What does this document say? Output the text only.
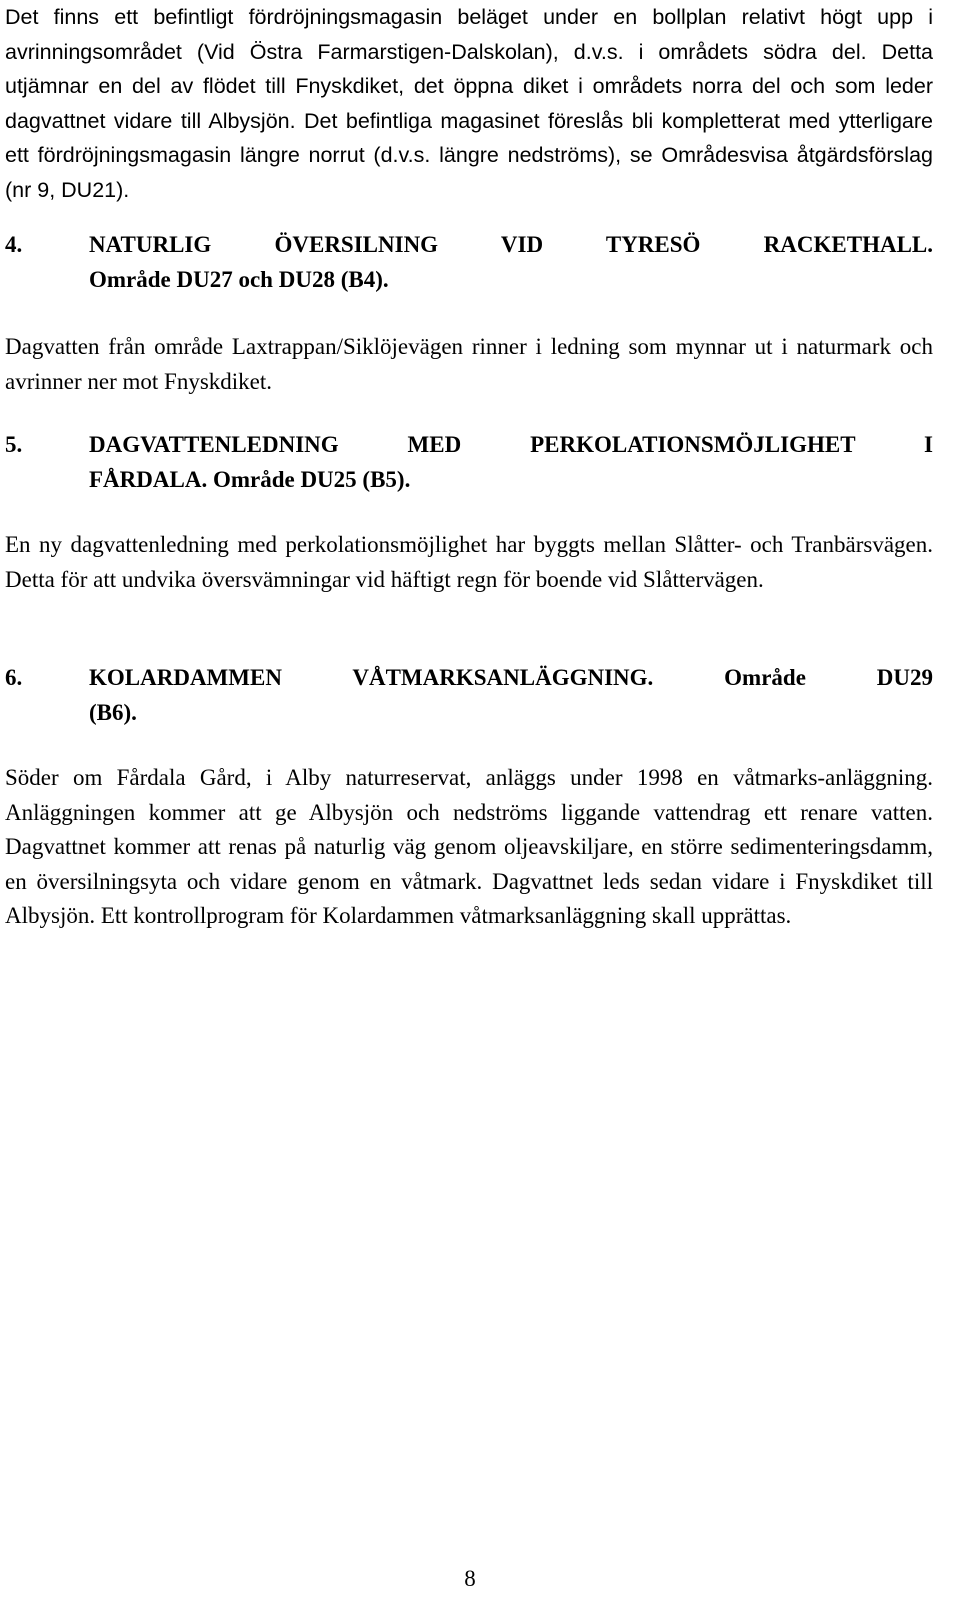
Det finns ett befintligt fördröjningsmagasin beläget under en bollplan relativt högt upp i avrinningsområdet (Vid Östra Farmarstigen-Dalskolan), d.v.s. i områdets södra del. Detta utjämnar en del av flödet till Fnyskdiket, det öppna diket i områdets norra del och som leder dagvattnet vidare till Albysjön. Det befintliga magasinet föreslås bli kompletterat med ytterligare ett fördröjningsmagasin längre norrut (d.v.s. längre nedströms), se Områdesvisa åtgärdsförslag (nr 9, DU21).

4.	NATURLIG ÖVERSILNING VID TYRESÖ RACKETHALL.
Område DU27 och DU28 (B4).

Dagvatten från område Laxtrappan/Siklöjevägen rinner i ledning som mynnar ut i naturmark och avrinner ner mot Fnyskdiket.

5.	DAGVATTENLEDNING MED PERKOLATIONSMÖJLIGHET I
FÅRDALA. Område DU25 (B5).

En ny dagvattenledning med perkolationsmöjlighet har byggts mellan Slåtter- och Tranbärsvägen. Detta för att undvika översvämningar vid häftigt regn för boende vid Slåttervägen.

6.	KOLARDAMMEN VÅTMARKSANLÄGGNING. Område DU29
(B6).

Söder om Fårdala Gård, i Alby naturreservat, anläggs under 1998 en våtmarks-anläggning. Anläggningen kommer att ge Albysjön och nedströms liggande vattendrag ett renare vatten. Dagvattnet kommer att renas på naturlig väg genom oljeavskiljare, en större sedimenteringsdamm, en översilningsyta och vidare genom en våtmark. Dagvattnet leds sedan vidare i Fnyskdiket till Albysjön. Ett kontrollprogram för Kolardammen våtmarksanläggning skall upprättas.

8
